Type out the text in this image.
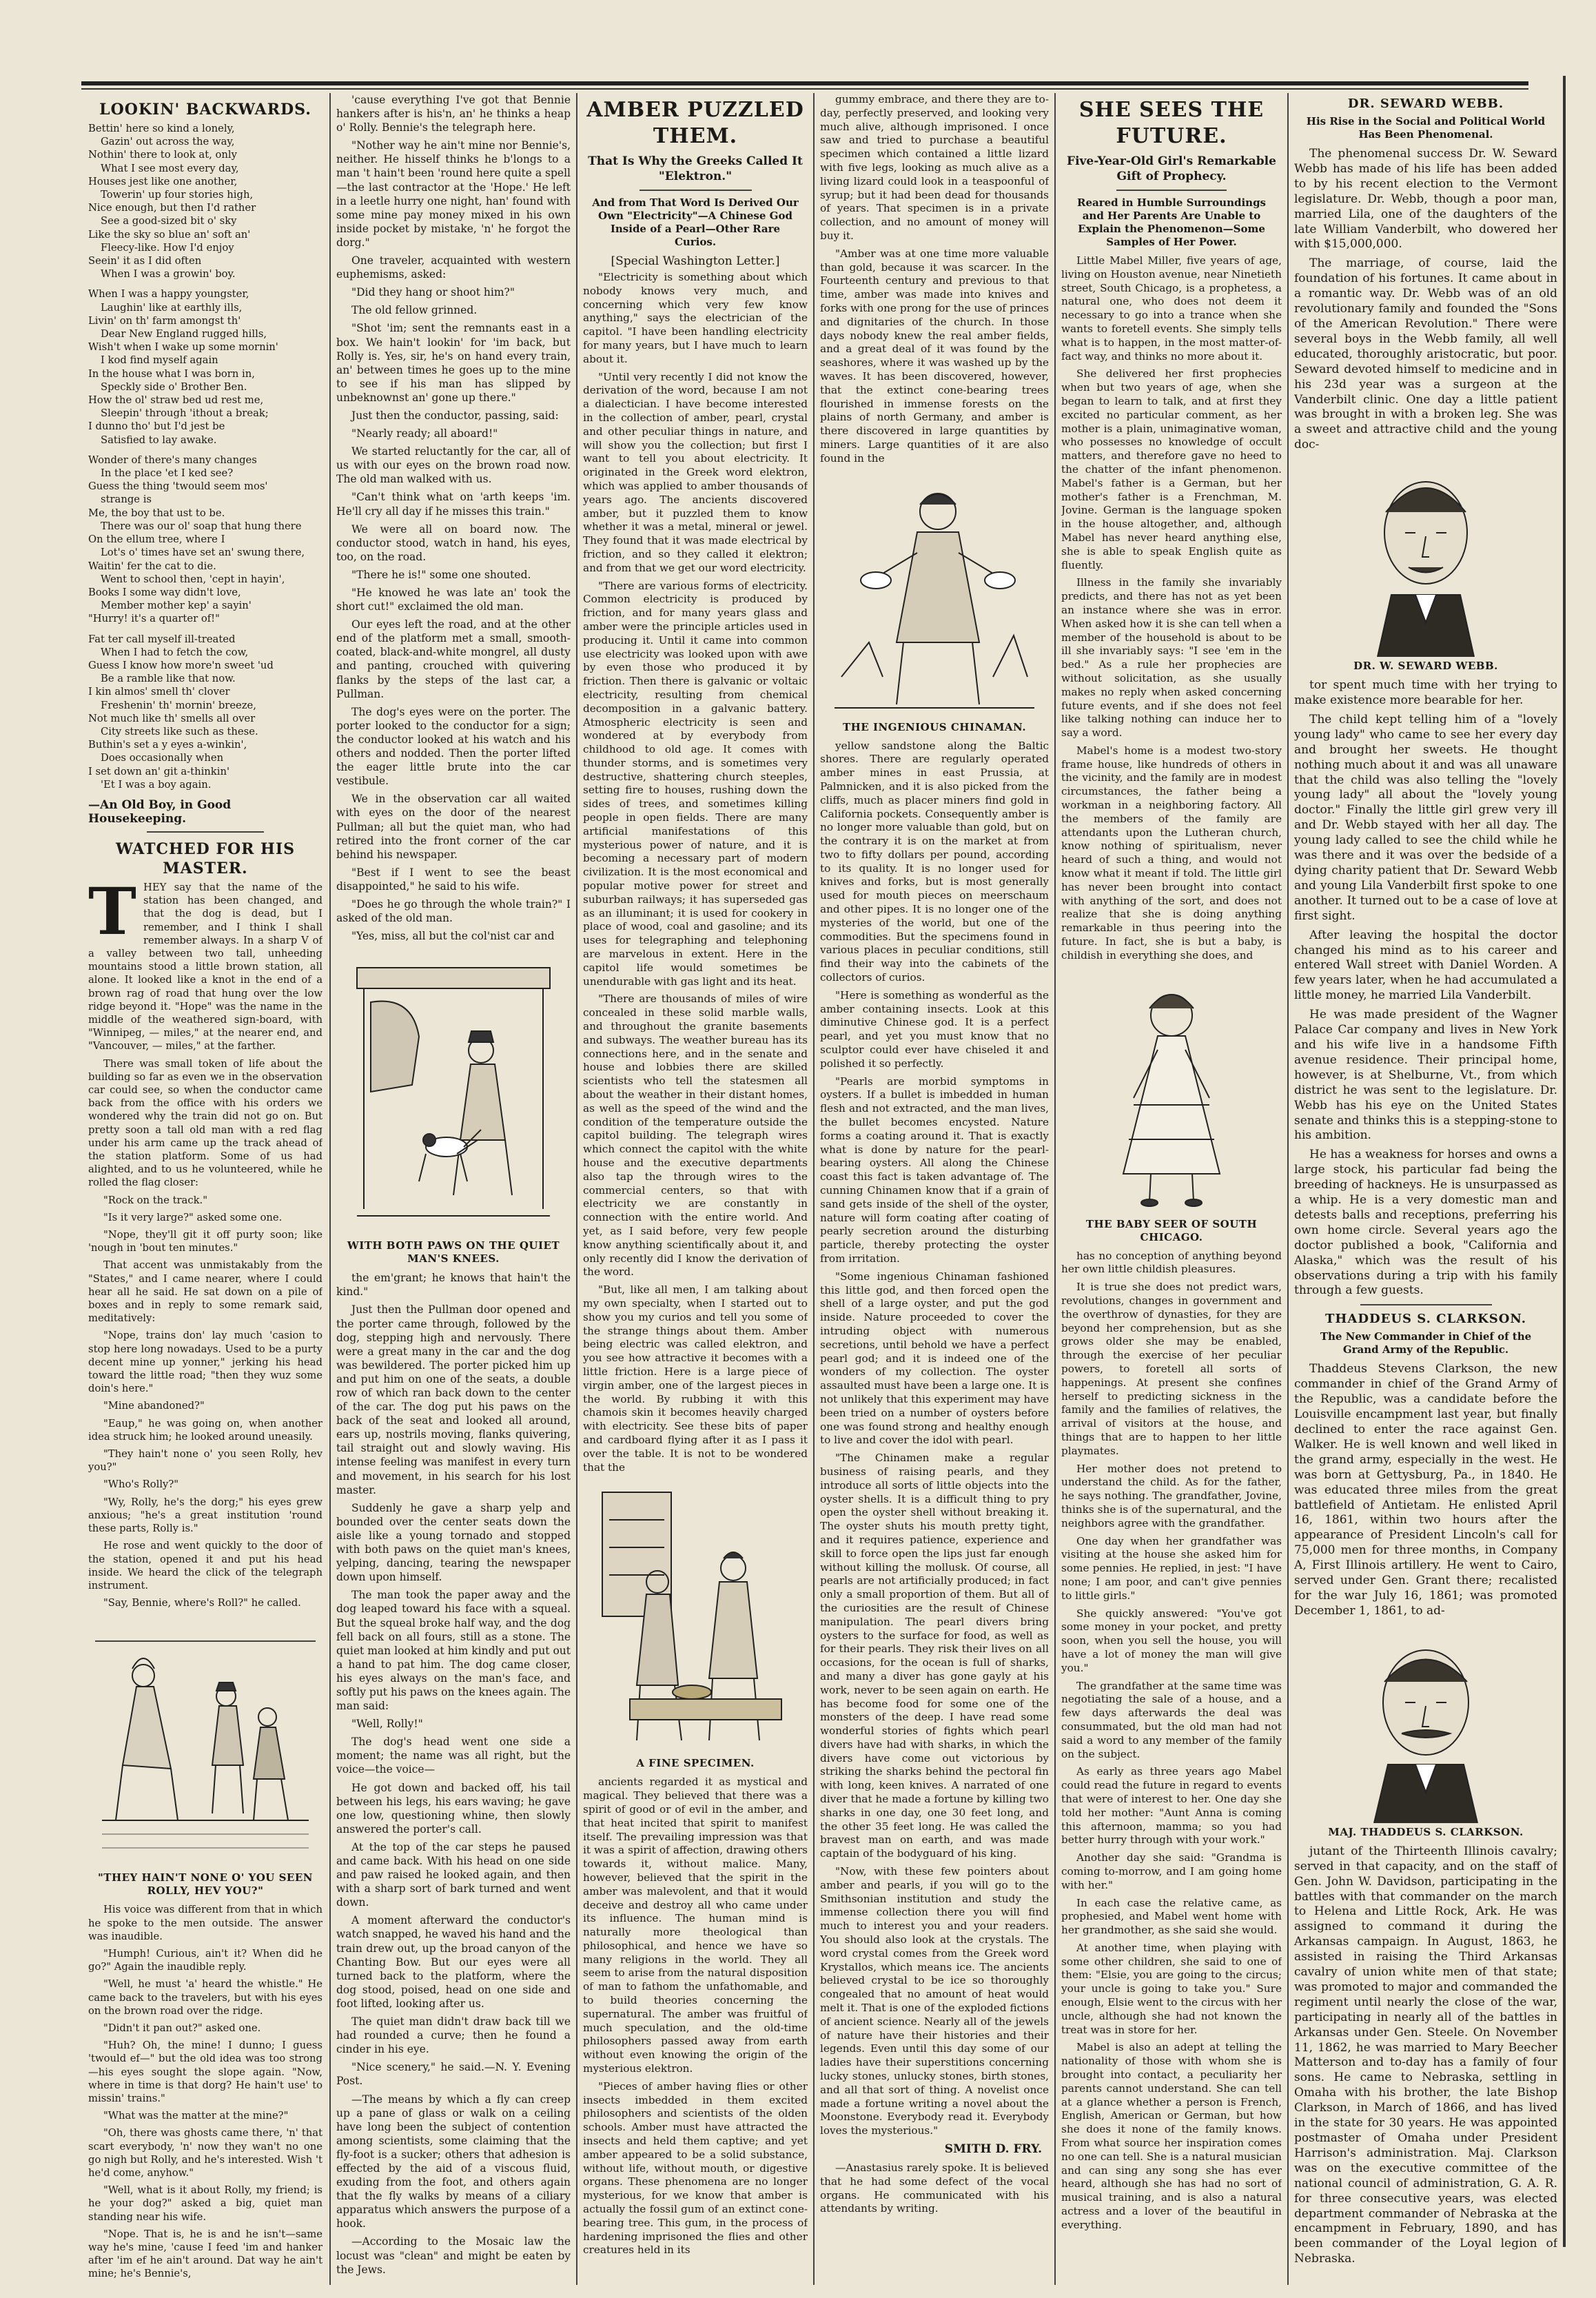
LOOKIN' BACKWARDS.

Bettin' here so kind a lonely,

Gazin' out across the way,

Nothin' there to look at, only

What I see most every day,

Houses jest like one another,

Towerin' up four stories high,

Nice enough, but then I'd rather

See a good-sized bit o' sky

Like the sky so blue an' soft an'

Fleecy-like. How I'd enjoy

Seein' it as I did often

When I was a growin' boy.

When I was a happy youngster,

Laughin' like at earthly ills,

Livin' on th' farm amongst th'

Dear New England rugged hills,

Wish't when I wake up some mornin'

I kod find myself again

In the house what I was born in,

Speckly side o' Brother Ben.

How the ol' straw bed ud rest me,

Sleepin' through 'ithout a break;

I dunno tho' but I'd jest be

Satisfied to lay awake.

Wonder of there's many changes

In the place 'et I ked see?

Guess the thing 'twould seem mos'

strange is

Me, the boy that ust to be.

There was our ol' soap that hung there

On the ellum tree, where I

Lot's o' times have set an' swung there,

Waitin' fer the cat to die.

Went to school then, 'cept in hayin',

Books I some way didn't love,

Member mother kep' a sayin'

"Hurry! it's a quarter of!"

Fat ter call myself ill-treated

When I had to fetch the cow,

Guess I know how more'n sweet 'ud

Be a ramble like that now.

I kin almos' smell th' clover

Freshenin' th' mornin' breeze,

Not much like th' smells all over

City streets like such as these.

Buthin's set a y eyes a-winkin',

Does occasionally when

I set down an' git a-thinkin'

'Et I was a boy again.

—An Old Boy, in Good Housekeeping.
WATCHED FOR HIS MASTER.
T HEY say that the name of the station has been changed, and that the dog is dead, but I remember, and I think I shall remember always. In a sharp V of a valley between two tall, unheeding mountains stood a little brown station, all alone. It looked like a knot in the end of a brown rag of road that hung over the low ridge beyond it. "Hope" was the name in the middle of the weathered sign-board, with "Winnipeg, — miles," at the nearer end, and "Vancouver, — miles," at the farther.

There was small token of life about the building so far as even we in the observation car could see, so when the conductor came back from the office with his orders we wondered why the train did not go on. But pretty soon a tall old man with a red flag under his arm came up the track ahead of the station platform. Some of us had alighted, and to us he volunteered, while he rolled the flag closer:

"Rock on the track."

"Is it very large?" asked some one.

"Nope, they'll git it off purty soon; like 'nough in 'bout ten minutes."

That accent was unmistakably from the "States," and I came nearer, where I could hear all he said. He sat down on a pile of boxes and in reply to some remark said, meditatively:

"Nope, trains don' lay much 'casion to stop here long nowadays. Used to be a purty decent mine up yonner," jerking his head toward the little road; "then they wuz some doin's here."

"Mine abandoned?"

"Eaup," he was going on, when another idea struck him; he looked around uneasily.

"They hain't none o' you seen Rolly, hev you?"

"Who's Rolly?"

"Wy, Rolly, he's the dorg;" his eyes grew anxious; "he's a great institution 'round these parts, Rolly is."

He rose and went quickly to the door of the station, opened it and put his head inside. We heard the click of the telegraph instrument.

"Say, Bennie, where's Roll?" he called.

"THEY HAIN'T NONE O' YOU SEEN ROLLY, HEV YOU?"

His voice was different from that in which he spoke to the men outside. The answer was inaudible.

"Humph! Curious, ain't it? When did he go?" Again the inaudible reply.

"Well, he must 'a' heard the whistle." He came back to the travelers, but with his eyes on the brown road over the ridge.

"Didn't it pan out?" asked one.

"Huh? Oh, the mine! I dunno; I guess 'twould ef—" but the old idea was too strong—his eyes sought the slope again. "Now, where in time is that dorg? He hain't use' to missin' trains."

"What was the matter at the mine?"

"Oh, there was ghosts came there, 'n' that scart everybody, 'n' now they wan't no one go nigh but Rolly, and he's interested. Wish 't he'd come, anyhow."

"Well, what is it about Rolly, my friend; is he your dog?" asked a big, quiet man standing near his wife.

"Nope. That is, he is and he isn't—same way he's mine, 'cause I feed 'im and hanker after 'im ef he ain't around. Dat way he ain't mine; he's Bennie's,

'cause everything I've got that Bennie hankers after is his'n, an' he thinks a heap o' Rolly. Bennie's the telegraph here.

"Nother way he ain't mine nor Bennie's, neither. He hisself thinks he b'longs to a man 't hain't been 'round here quite a spell—the last contractor at the 'Hope.' He left in a leetle hurry one night, han' found with some mine pay money mixed in his own inside pocket by mistake, 'n' he forgot the dorg."

One traveler, acquainted with western euphemisms, asked:

"Did they hang or shoot him?"

The old fellow grinned.

"Shot 'im; sent the remnants east in a box. We hain't lookin' for 'im back, but Rolly is. Yes, sir, he's on hand every train, an' between times he goes up to the mine to see if his man has slipped by unbeknownst an' gone up there."

Just then the conductor, passing, said:

"Nearly ready; all aboard!"

We started reluctantly for the car, all of us with our eyes on the brown road now. The old man walked with us.

"Can't think what on 'arth keeps 'im. He'll cry all day if he misses this train."

We were all on board now. The conductor stood, watch in hand, his eyes, too, on the road.

"There he is!" some one shouted.

"He knowed he was late an' took the short cut!" exclaimed the old man.

Our eyes left the road, and at the other end of the platform met a small, smooth-coated, black-and-white mongrel, all dusty and panting, crouched with quivering flanks by the steps of the last car, a Pullman.

The dog's eyes were on the porter. The porter looked to the conductor for a sign; the conductor looked at his watch and his others and nodded. Then the porter lifted the eager little brute into the car vestibule.

We in the observation car all waited with eyes on the door of the nearest Pullman; all but the quiet man, who had retired into the front corner of the car behind his newspaper.

"Best if I went to see the beast disappointed," he said to his wife.

"Does he go through the whole train?" I asked of the old man.

"Yes, miss, all but the col'nist car and

WITH BOTH PAWS ON THE QUIET MAN'S KNEES.

the em'grant; he knows that hain't the kind."

Just then the Pullman door opened and the porter came through, followed by the dog, stepping high and nervously. There were a great many in the car and the dog was bewildered. The porter picked him up and put him on one of the seats, a double row of which ran back down to the center of the car. The dog put his paws on the back of the seat and looked all around, ears up, nostrils moving, flanks quivering, tail straight out and slowly waving. His intense feeling was manifest in every turn and movement, in his search for his lost master.

Suddenly he gave a sharp yelp and bounded over the center seats down the aisle like a young tornado and stopped with both paws on the quiet man's knees, yelping, dancing, tearing the newspaper down upon himself.

The man took the paper away and the dog leaped toward his face with a squeal. But the squeal broke half way, and the dog fell back on all fours, still as a stone. The quiet man looked at him kindly and put out a hand to pat him. The dog came closer, his eyes always on the man's face, and softly put his paws on the knees again. The man said:

"Well, Rolly!"

The dog's head went one side a moment; the name was all right, but the voice—the voice—

He got down and backed off, his tail between his legs, his ears waving; he gave one low, questioning whine, then slowly answered the porter's call.

At the top of the car steps he paused and came back. With his head on one side and paw raised he looked again, and then with a sharp sort of bark turned and went down.

A moment afterward the conductor's watch snapped, he waved his hand and the train drew out, up the broad canyon of the Chanting Bow. But our eyes were all turned back to the platform, where the dog stood, poised, head on one side and foot lifted, looking after us.

The quiet man didn't draw back till we had rounded a curve; then he found a cinder in his eye.

"Nice scenery," he said.—N. Y. Evening Post.

—The means by which a fly can creep up a pane of glass or walk on a ceiling have long been the subject of contention among scientists, some claiming that the fly-foot is a sucker; others that adhesion is effected by the aid of a viscous fluid, exuding from the foot, and others again that the fly walks by means of a ciliary apparatus which answers the purpose of a hook.

—According to the Mosaic law the locust was "clean" and might be eaten by the Jews.

AMBER PUZZLED THEM.
That Is Why the Greeks Called It "Elektron."
And from That Word Is Derived Our Own "Electricity"—A Chinese God Inside of a Pearl—Other Rare Curios.
[Special Washington Letter.]

"Electricity is something about which nobody knows very much, and concerning which very few know anything," says the electrician of the capitol. "I have been handling electricity for many years, but I have much to learn about it.

"Until very recently I did not know the derivation of the word, because I am not a dialectician. I have become interested in the collection of amber, pearl, crystal and other peculiar things in nature, and will show you the collection; but first I want to tell you about electricity. It originated in the Greek word elektron, which was applied to amber thousands of years ago. The ancients discovered amber, but it puzzled them to know whether it was a metal, mineral or jewel. They found that it was made electrical by friction, and so they called it elektron; and from that we get our word electricity.

"There are various forms of electricity. Common electricity is produced by friction, and for many years glass and amber were the principle articles used in producing it. Until it came into common use electricity was looked upon with awe by even those who produced it by friction. Then there is galvanic or voltaic electricity, resulting from chemical decomposition in a galvanic battery. Atmospheric electricity is seen and wondered at by everybody from childhood to old age. It comes with thunder storms, and is sometimes very destructive, shattering church steeples, setting fire to houses, rushing down the sides of trees, and sometimes killing people in open fields. There are many artificial manifestations of this mysterious power of nature, and it is becoming a necessary part of modern civilization. It is the most economical and popular motive power for street and suburban railways; it has superseded gas as an illuminant; it is used for cookery in place of wood, coal and gasoline; and its uses for telegraphing and telephoning are marvelous in extent. Here in the capitol life would sometimes be unendurable with gas light and its heat.

"There are thousands of miles of wire concealed in these solid marble walls, and throughout the granite basements and subways. The weather bureau has its connections here, and in the senate and house and lobbies there are skilled scientists who tell the statesmen all about the weather in their distant homes, as well as the speed of the wind and the condition of the temperature outside the capitol building. The telegraph wires which connect the capitol with the white house and the executive departments also tap the through wires to the commercial centers, so that with electricity we are constantly in connection with the entire world. And yet, as I said before, very few people know anything scientifically about it, and only recently did I know the derivation of the word.

"But, like all men, I am talking about my own specialty, when I started out to show you my curios and tell you some of the strange things about them. Amber being electric was called elektron, and you see how attractive it becomes with a little friction. Here is a large piece of virgin amber, one of the largest pieces in the world. By rubbing it with this chamois skin it becomes heavily charged with electricity. See these bits of paper and cardboard flying after it as I pass it over the table. It is not to be wondered that the

A FINE SPECIMEN.

ancients regarded it as mystical and magical. They believed that there was a spirit of good or of evil in the amber, and that heat incited that spirit to manifest itself. The prevailing impression was that it was a spirit of affection, drawing others towards it, without malice. Many, however, believed that the spirit in the amber was malevolent, and that it would deceive and destroy all who came under its influence. The human mind is naturally more theological than philosophical, and hence we have so many religions in the world. They all seem to arise from the natural disposition of man to fathom the unfathomable, and to build theories concerning the supernatural. The amber was fruitful of much speculation, and the old-time philosophers passed away from earth without even knowing the origin of the mysterious elektron.

"Pieces of amber having flies or other insects imbedded in them excited philosophers and scientists of the olden schools. Amber must have attracted the insects and held them captive; and yet amber appeared to be a solid substance, without life, without mouth, or digestive organs. These phenomena are no longer mysterious, for we know that amber is actually the fossil gum of an extinct cone-bearing tree. This gum, in the process of hardening imprisoned the flies and other creatures held in its

gummy embrace, and there they are to-day, perfectly preserved, and looking very much alive, although imprisoned. I once saw and tried to purchase a beautiful specimen which contained a little lizard with five legs, looking as much alive as a living lizard could look in a teaspoonful of syrup; but it had been dead for thousands of years. That specimen is in a private collection, and no amount of money will buy it.

"Amber was at one time more valuable than gold, because it was scarcer. In the Fourteenth century and previous to that time, amber was made into knives and forks with one prong for the use of princes and dignitaries of the church. In those days nobody knew the real amber fields, and a great deal of it was found by the seashores, where it was washed up by the waves. It has been discovered, however, that the extinct cone-bearing trees flourished in immense forests on the plains of north Germany, and amber is there discovered in large quantities by miners. Large quantities of it are also found in the

THE INGENIOUS CHINAMAN.

yellow sandstone along the Baltic shores. There are regularly operated amber mines in east Prussia, at Palmnicken, and it is also picked from the cliffs, much as placer miners find gold in California pockets. Consequently amber is no longer more valuable than gold, but on the contrary it is on the market at from two to fifty dollars per pound, according to its quality. It is no longer used for knives and forks, but is most generally used for mouth pieces on meerschaum and other pipes. It is no longer one of the mysteries of the world, but one of the commodities. But the specimens found in various places in peculiar conditions, still find their way into the cabinets of the collectors of curios.

"Here is something as wonderful as the amber containing insects. Look at this diminutive Chinese god. It is a perfect pearl, and yet you must know that no sculptor could ever have chiseled it and polished it so perfectly.

"Pearls are morbid symptoms in oysters. If a bullet is imbedded in human flesh and not extracted, and the man lives, the bullet becomes encysted. Nature forms a coating around it. That is exactly what is done by nature for the pearl-bearing oysters. All along the Chinese coast this fact is taken advantage of. The cunning Chinamen know that if a grain of sand gets inside of the shell of the oyster, nature will form coating after coating of pearly secretion around the disturbing particle, thereby protecting the oyster from irritation.

"Some ingenious Chinaman fashioned this little god, and then forced open the shell of a large oyster, and put the god inside. Nature proceeded to cover the intruding object with numerous secretions, until behold we have a perfect pearl god; and it is indeed one of the wonders of my collection. The oyster assaulted must have been a large one. It is not unlikely that this experiment may have been tried on a number of oysters before one was found strong and healthy enough to live and cover the idol with pearl.

"The Chinamen make a regular business of raising pearls, and they introduce all sorts of little objects into the oyster shells. It is a difficult thing to pry open the oyster shell without breaking it. The oyster shuts his mouth pretty tight, and it requires patience, experience and skill to force open the lips just far enough without killing the mollusk. Of course, all pearls are not artificially produced; in fact only a small proportion of them. But all of the curiosities are the result of Chinese manipulation. The pearl divers bring oysters to the surface for food, as well as for their pearls. They risk their lives on all occasions, for the ocean is full of sharks, and many a diver has gone gayly at his work, never to be seen again on earth. He has become food for some one of the monsters of the deep. I have read some wonderful stories of fights which pearl divers have had with sharks, in which the divers have come out victorious by striking the sharks behind the pectoral fin with long, keen knives. A narrated of one diver that he made a fortune by killing two sharks in one day, one 30 feet long, and the other 35 feet long. He was called the bravest man on earth, and was made captain of the bodyguard of his king.

"Now, with these few pointers about amber and pearls, if you will go to the Smithsonian institution and study the immense collection there you will find much to interest you and your readers. You should also look at the crystals. The word crystal comes from the Greek word Krystallos, which means ice. The ancients believed crystal to be ice so thoroughly congealed that no amount of heat would melt it. That is one of the exploded fictions of ancient science. Nearly all of the jewels of nature have their histories and their legends. Even until this day some of our ladies have their superstitions concerning lucky stones, unlucky stones, birth stones, and all that sort of thing. A novelist once made a fortune writing a novel about the Moonstone. Everybody read it. Everybody loves the mysterious."

SMITH D. FRY.

—Anastasius rarely spoke. It is believed that he had some defect of the vocal organs. He communicated with his attendants by writing.

SHE SEES THE FUTURE.
Five-Year-Old Girl's Remarkable Gift of Prophecy.
Reared in Humble Surroundings and Her Parents Are Unable to Explain the Phenomenon—Some Samples of Her Power.

Little Mabel Miller, five years of age, living on Houston avenue, near Ninetieth street, South Chicago, is a prophetess, a natural one, who does not deem it necessary to go into a trance when she wants to foretell events. She simply tells what is to happen, in the most matter-of-fact way, and thinks no more about it.

She delivered her first prophecies when but two years of age, when she began to learn to talk, and at first they excited no particular comment, as her mother is a plain, unimaginative woman, who possesses no knowledge of occult matters, and therefore gave no heed to the chatter of the infant phenomenon. Mabel's father is a German, but her mother's father is a Frenchman, M. Jovine. German is the language spoken in the house altogether, and, although Mabel has never heard anything else, she is able to speak English quite as fluently.

Illness in the family she invariably predicts, and there has not as yet been an instance where she was in error. When asked how it is she can tell when a member of the household is about to be ill she invariably says: "I see 'em in the bed." As a rule her prophecies are without solicitation, as she usually makes no reply when asked concerning future events, and if she does not feel like talking nothing can induce her to say a word.

Mabel's home is a modest two-story frame house, like hundreds of others in the vicinity, and the family are in modest circumstances, the father being a workman in a neighboring factory. All the members of the family are attendants upon the Lutheran church, know nothing of spiritualism, never heard of such a thing, and would not know what it meant if told. The little girl has never been brought into contact with anything of the sort, and does not realize that she is doing anything remarkable in thus peering into the future. In fact, she is but a baby, is childish in everything she does, and

THE BABY SEER OF SOUTH CHICAGO.

has no conception of anything beyond her own little childish pleasures.

It is true she does not predict wars, revolutions, changes in government and the overthrow of dynasties, for they are beyond her comprehension, but as she grows older she may be enabled, through the exercise of her peculiar powers, to foretell all sorts of happenings. At present she confines herself to predicting sickness in the family and the families of relatives, the arrival of visitors at the house, and things that are to happen to her little playmates.

Her mother does not pretend to understand the child. As for the father, he says nothing. The grandfather, Jovine, thinks she is of the supernatural, and the neighbors agree with the grandfather.

One day when her grandfather was visiting at the house she asked him for some pennies. He replied, in jest: "I have none; I am poor, and can't give pennies to little girls."

She quickly answered: "You've got some money in your pocket, and pretty soon, when you sell the house, you will have a lot of money the man will give you."

The grandfather at the same time was negotiating the sale of a house, and a few days afterwards the deal was consummated, but the old man had not said a word to any member of the family on the subject.

As early as three years ago Mabel could read the future in regard to events that were of interest to her. One day she told her mother: "Aunt Anna is coming this afternoon, mamma; so you had better hurry through with your work."

Another day she said: "Grandma is coming to-morrow, and I am going home with her."

In each case the relative came, as prophesied, and Mabel went home with her grandmother, as she said she would.

At another time, when playing with some other children, she said to one of them: "Elsie, you are going to the circus; your uncle is going to take you." Sure enough, Elsie went to the circus with her uncle, although she had not known the treat was in store for her.

Mabel is also an adept at telling the nationality of those with whom she is brought into contact, a peculiarity her parents cannot understand. She can tell at a glance whether a person is French, English, American or German, but how she does it none of the family knows. From what source her inspiration comes no one can tell. She is a natural musician and can sing any song she has ever heard, although she has had no sort of musical training, and is also a natural actress and a lover of the beautiful in everything.

DR. SEWARD WEBB.
His Rise in the Social and Political World Has Been Phenomenal.

The phenomenal success Dr. W. Seward Webb has made of his life has been added to by his recent election to the Vermont legislature. Dr. Webb, though a poor man, married Lila, one of the daughters of the late William Vanderbilt, who dowered her with $15,000,000.

The marriage, of course, laid the foundation of his fortunes. It came about in a romantic way. Dr. Webb was of an old revolutionary family and founded the "Sons of the American Revolution." There were several boys in the Webb family, all well educated, thoroughly aristocratic, but poor. Seward devoted himself to medicine and in his 23d year was a surgeon at the Vanderbilt clinic. One day a little patient was brought in with a broken leg. She was a sweet and attractive child and the young doc-

DR. W. SEWARD WEBB.

tor spent much time with her trying to make existence more bearable for her.

The child kept telling him of a "lovely young lady" who came to see her every day and brought her sweets. He thought nothing much about it and was all unaware that the child was also telling the "lovely young lady" all about the "lovely young doctor." Finally the little girl grew very ill and Dr. Webb stayed with her all day. The young lady called to see the child while he was there and it was over the bedside of a dying charity patient that Dr. Seward Webb and young Lila Vanderbilt first spoke to one another. It turned out to be a case of love at first sight.

After leaving the hospital the doctor changed his mind as to his career and entered Wall street with Daniel Worden. A few years later, when he had accumulated a little money, he married Lila Vanderbilt.

He was made president of the Wagner Palace Car company and lives in New York and his wife live in a handsome Fifth avenue residence. Their principal home, however, is at Shelburne, Vt., from which district he was sent to the legislature. Dr. Webb has his eye on the United States senate and thinks this is a stepping-stone to his ambition.

He has a weakness for horses and owns a large stock, his particular fad being the breeding of hackneys. He is unsurpassed as a whip. He is a very domestic man and detests balls and receptions, preferring his own home circle. Several years ago the doctor published a book, "California and Alaska," which was the result of his observations during a trip with his family through a few guests.

THADDEUS S. CLARKSON.
The New Commander in Chief of the Grand Army of the Republic.

Thaddeus Stevens Clarkson, the new commander in chief of the Grand Army of the Republic, was a candidate before the Louisville encampment last year, but finally declined to enter the race against Gen. Walker. He is well known and well liked in the grand army, especially in the west. He was born at Gettysburg, Pa., in 1840. He was educated three miles from the great battlefield of Antietam. He enlisted April 16, 1861, within two hours after the appearance of President Lincoln's call for 75,000 men for three months, in Company A, First Illinois artillery. He went to Cairo, served under Gen. Grant there; recalisted for the war July 16, 1861; was promoted December 1, 1861, to ad-

MAJ. THADDEUS S. CLARKSON.

jutant of the Thirteenth Illinois cavalry; served in that capacity, and on the staff of Gen. John W. Davidson, participating in the battles with that commander on the march to Helena and Little Rock, Ark. He was assigned to command it during the Arkansas campaign. In August, 1863, he assisted in raising the Third Arkansas cavalry of union white men of that state; was promoted to major and commanded the regiment until nearly the close of the war, participating in nearly all of the battles in Arkansas under Gen. Steele. On November 11, 1862, he was married to Mary Beecher Matterson and to-day has a family of four sons. He came to Nebraska, settling in Omaha with his brother, the late Bishop Clarkson, in March of 1866, and has lived in the state for 30 years. He was appointed postmaster of Omaha under President Harrison's administration. Maj. Clarkson was on the executive committee of the national council of administration, G. A. R. for three consecutive years, was elected department commander of Nebraska at the encampment in February, 1890, and has been commander of the Loyal legion of Nebraska.
